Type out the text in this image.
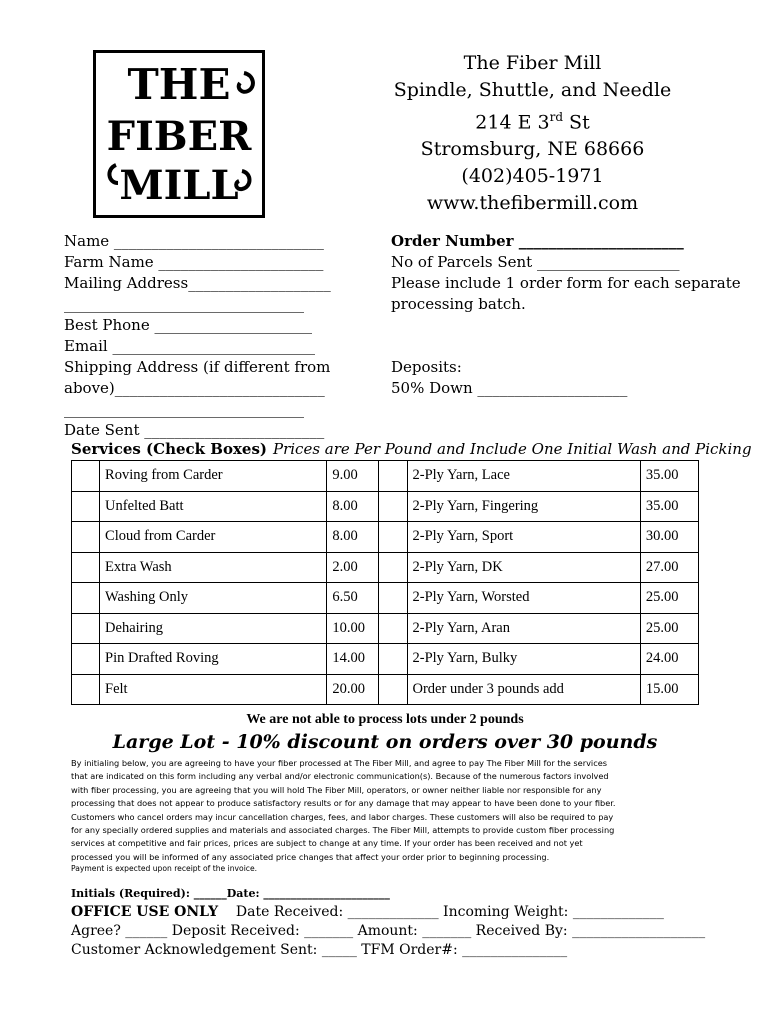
THE
FIBER
MILL
The Fiber Mill
Spindle, Shuttle, and Needle
214 E 3rd St
Stromsburg, NE 68666
(402)405-1971
www.thefibermill.com
Name ____________________________
Farm Name ______________________
Mailing Address___________________
________________________________
Best Phone _____________________
Email ___________________________
Shipping Address (if different from
above)____________________________
________________________________
Date Sent ________________________
Order Number ______________________
No of Parcels Sent ___________________
Please include 1 order form for each separate
processing batch.
Deposits:
50% Down ____________________
Services (Check Boxes) Prices are Per Pound and Include One Initial Wash and Picking
	Roving from Carder	9.00		2-Ply Yarn, Lace	35.00
	Unfelted Batt	8.00		2-Ply Yarn, Fingering	35.00
	Cloud from Carder	8.00		2-Ply Yarn, Sport	30.00
	Extra Wash	2.00		2-Ply Yarn, DK	27.00
	Washing Only	6.50		2-Ply Yarn, Worsted	25.00
	Dehairing	10.00		2-Ply Yarn, Aran	25.00
	Pin Drafted Roving	14.00		2-Ply Yarn, Bulky	24.00
	Felt	20.00		Order under 3 pounds add	15.00
We are not able to process lots under 2 pounds
Large Lot - 10% discount on orders over 30 pounds
By initialing below, you are agreeing to have your fiber processed at The Fiber Mill, and agree to pay The Fiber Mill for the services
that are indicated on this form including any verbal and/or electronic communication(s). Because of the numerous factors involved
with fiber processing, you are agreeing that you will hold The Fiber Mill, operators, or owner neither liable nor responsible for any
processing that does not appear to produce satisfactory results or for any damage that may appear to have been done to your fiber.
Customers who cancel orders may incur cancellation charges, fees, and labor charges. These customers will also be required to pay
for any specially ordered supplies and materials and associated charges. The Fiber Mill, attempts to provide custom fiber processing
services at competitive and fair prices, prices are subject to change at any time. If your order has been received and not yet
processed you will be informed of any associated price changes that affect your order prior to beginning processing.
Payment is expected upon receipt of the invoice.
Initials (Required): ______Date: _______________________
OFFICE USE ONLY Date Received: _____________ Incoming Weight: _____________
Agree? ______ Deposit Received: _______ Amount: _______ Received By: ___________________
Customer Acknowledgement Sent: _____ TFM Order#: _______________
